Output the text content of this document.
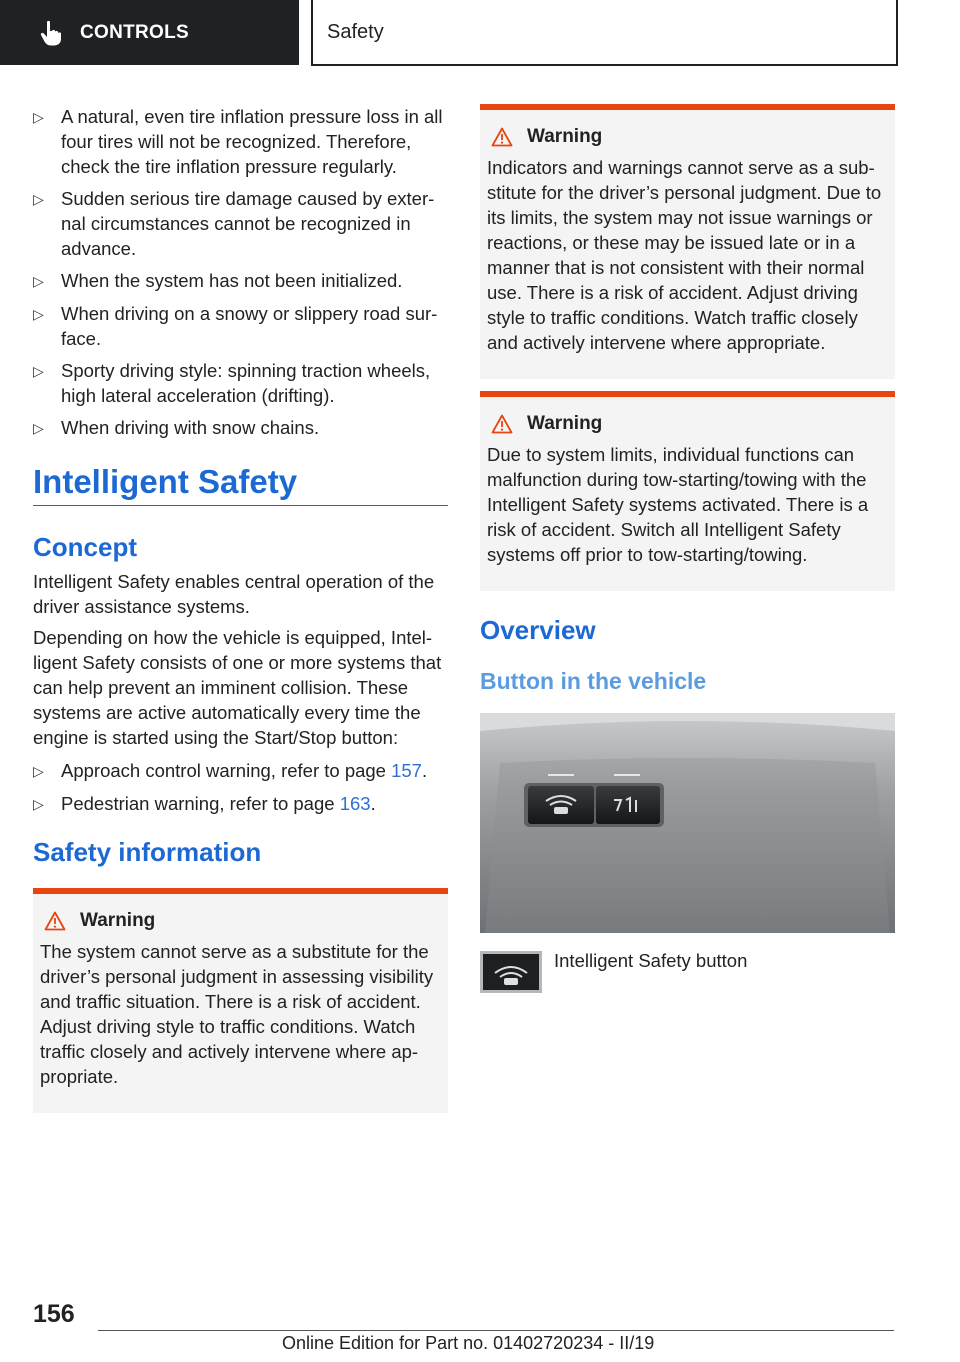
CONTROLS	Safety
▷ A natural, even tire inflation pressure loss in all four tires will not be recognized. Therefore, check the tire inflation pressure regularly.
▷ Sudden serious tire damage caused by external circumstances cannot be recognized in advance.
▷ When the system has not been initialized.
▷ When driving on a snowy or slippery road surface.
▷ Sporty driving style: spinning traction wheels, high lateral acceleration (drifting).
▷ When driving with snow chains.
Intelligent Safety
Concept
Intelligent Safety enables central operation of the driver assistance systems.
Depending on how the vehicle is equipped, Intelligent Safety consists of one or more systems that can help prevent an imminent collision. These systems are active automatically every time the engine is started using the Start/Stop button:
▷ Approach control warning, refer to page 157.
▷ Pedestrian warning, refer to page 163.
Safety information
Warning
The system cannot serve as a substitute for the driver’s personal judgment in assessing visibility and traffic situation. There is a risk of accident. Adjust driving style to traffic conditions. Watch traffic closely and actively intervene where appropriate.
Warning
Indicators and warnings cannot serve as a substitute for the driver’s personal judgment. Due to its limits, the system may not issue warnings or reactions, or these may be issued late or in a manner that is not consistent with their normal use. There is a risk of accident. Adjust driving style to traffic conditions. Watch traffic closely and actively intervene where appropriate.
Warning
Due to system limits, individual functions can malfunction during tow-starting/towing with the Intelligent Safety systems activated. There is a risk of accident. Switch all Intelligent Safety systems off prior to tow-starting/towing.
Overview
Button in the vehicle
Intelligent Safety button
156
Online Edition for Part no. 01402720234 - II/19
